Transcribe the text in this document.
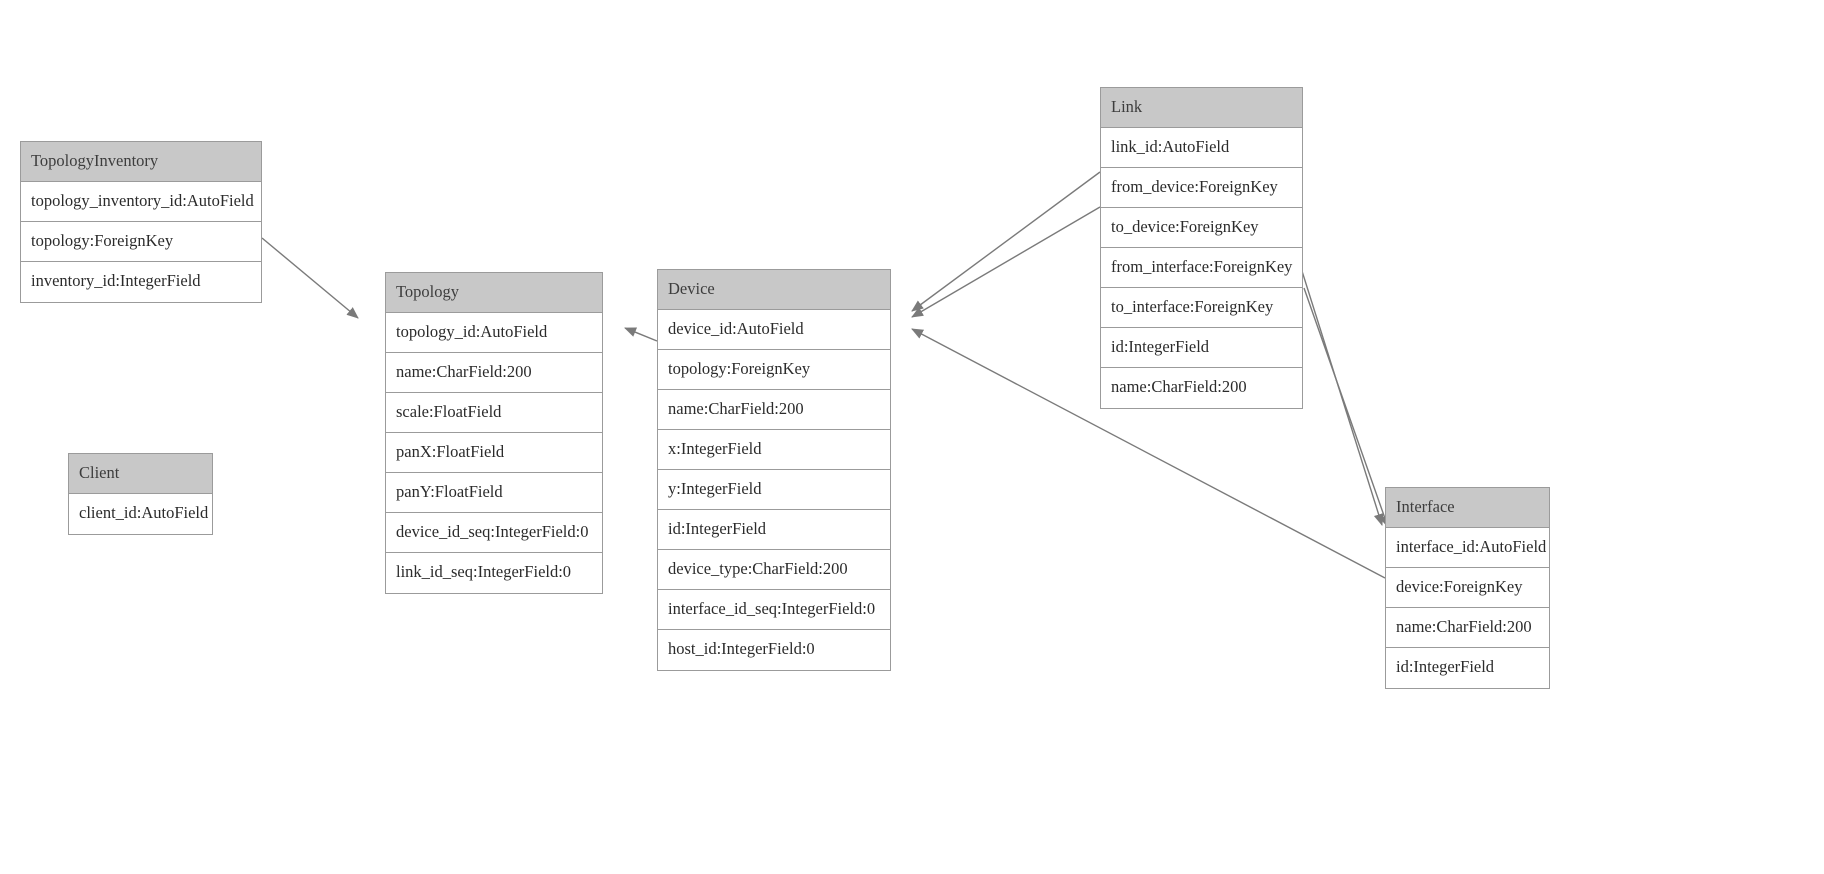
TopologyInventory
topology_inventory_id:AutoField
topology:ForeignKey
inventory_id:IntegerField
Client
client_id:AutoField
Topology
topology_id:AutoField
name:CharField:200
scale:FloatField
panX:FloatField
panY:FloatField
device_id_seq:IntegerField:0
link_id_seq:IntegerField:0
Device
device_id:AutoField
topology:ForeignKey
name:CharField:200
x:IntegerField
y:IntegerField
id:IntegerField
device_type:CharField:200
interface_id_seq:IntegerField:0
host_id:IntegerField:0
Link
link_id:AutoField
from_device:ForeignKey
to_device:ForeignKey
from_interface:ForeignKey
to_interface:ForeignKey
id:IntegerField
name:CharField:200
Interface
interface_id:AutoField
device:ForeignKey
name:CharField:200
id:IntegerField
